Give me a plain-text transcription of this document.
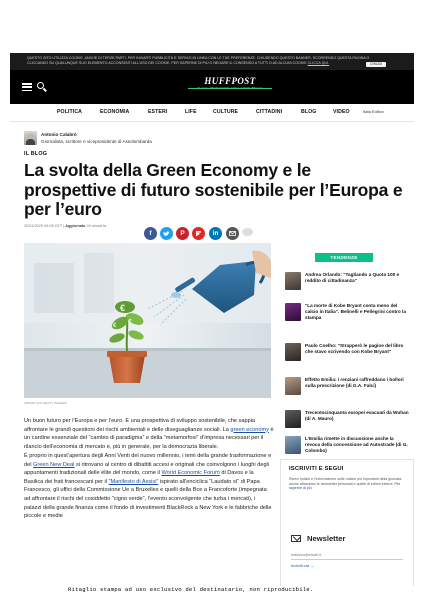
QUESTO SITO UTILIZZA COOKIE, ANCHE DI TERZE PARTI, PER INVIARTI PUBBLICITÀ E SERVIZI IN LINEA CON LE TUE PREFERENZE. CHIUDENDO QUESTO BANNER, SCORRENDO QUESTA PAGINA O CLICCANDO SU QUALUNQUE SUO ELEMENTO ACCONSENTI ALL'USO DEI COOKIE. PER SAPERNE DI PIÙ O NEGARE IL CONSENSO A TUTTI O AD ALCUNI COOKIE CLICCA QUI.	CHIUDI
HUFFPOST
POLITICA	ECONOMIA	ESTERI	LIFE	CULTURE	CITTADINI	BLOG	VIDEO	Italia Edition
Antonio Calabrò
Giornalista, scrittore e vicepresidente di Assolombarda
IL BLOG
La svolta della Green Economy e le prospettive di futuro sostenibile per l’Europa e per l’euro
20/01/2020 09:08 CET | Aggiornato 24 minuti fa
f	P	in
€
€
€
JIRSAK VIA GETTY IMAGES

Un buon futuro per l’Europa e per l’euro. E una prospettiva di sviluppo sostenibile, che sappia affrontare le grandi questioni dei rischi ambientali e delle diseguaglianze sociali. La green economy è un cardine essenziale del “cambio di paradigma” e della “metamorfosi” d’impresa necessari per il rilancio dell’economia di mercato e, più in generale, per la democrazia liberale.

È proprio in quest’apertura degli Anni Venti del nuovo millennio, i temi della grande trasformazione e del Green New Deal si ritrovano al centro di dibattiti accesi e originali che coinvolgono i luoghi degli appuntamenti tradizionali delle élite del mondo, come il World Economic Forum di Davos e la Basilica dei frati francescani per il “Manifesto di Assisi” ispirato all’enciclica “Laudato sì” di Papa Francesco, gli uffici della Commissione Ue a Bruxelles e quelli della Bce a Francoforte (impegnata ad affrontare il rischi del cosiddetto “cigno verde”, l’evento sconvolgente che turba i mercati), i palazzi della grande finanza come il fondo di investimenti BlackRock a New York e le fabbriche delle piccole e medie

TENDENZE
Andrea Orlando: "Tagliando a Quota 100 e reddito di cittadinanza"
"La morte di Kobe Bryant conta meno del calcio in Italia". Belinelli e Pellegrini contro la stampa
Paulo Coelho: "Strapperò le pagine del libro che stavo scrivendo con Kobe Bryant"
Effetto Emilia: i renziani raffreddano i bollori sulla prescrizione (di G.A. Falci)
Trecentocinquanta europei evacuati da Wuhan (di A. Mauro)
L'Emilia rimette in discussione anche la revoca della concessione ad Autostrade (di G. Colombo)
ISCRIVITI E SEGUI
Ricevi notizie e l'informazione sulle notizie più importanti della giornata, anche attraverso le newsletter personali e quelle di editori esterni. Per saperne di più
Newsletter
indirizzo@email.it
Iscriviti ora →
Ritaglio stampa ad uso esclusivo del destinatario, non riproducibile.
